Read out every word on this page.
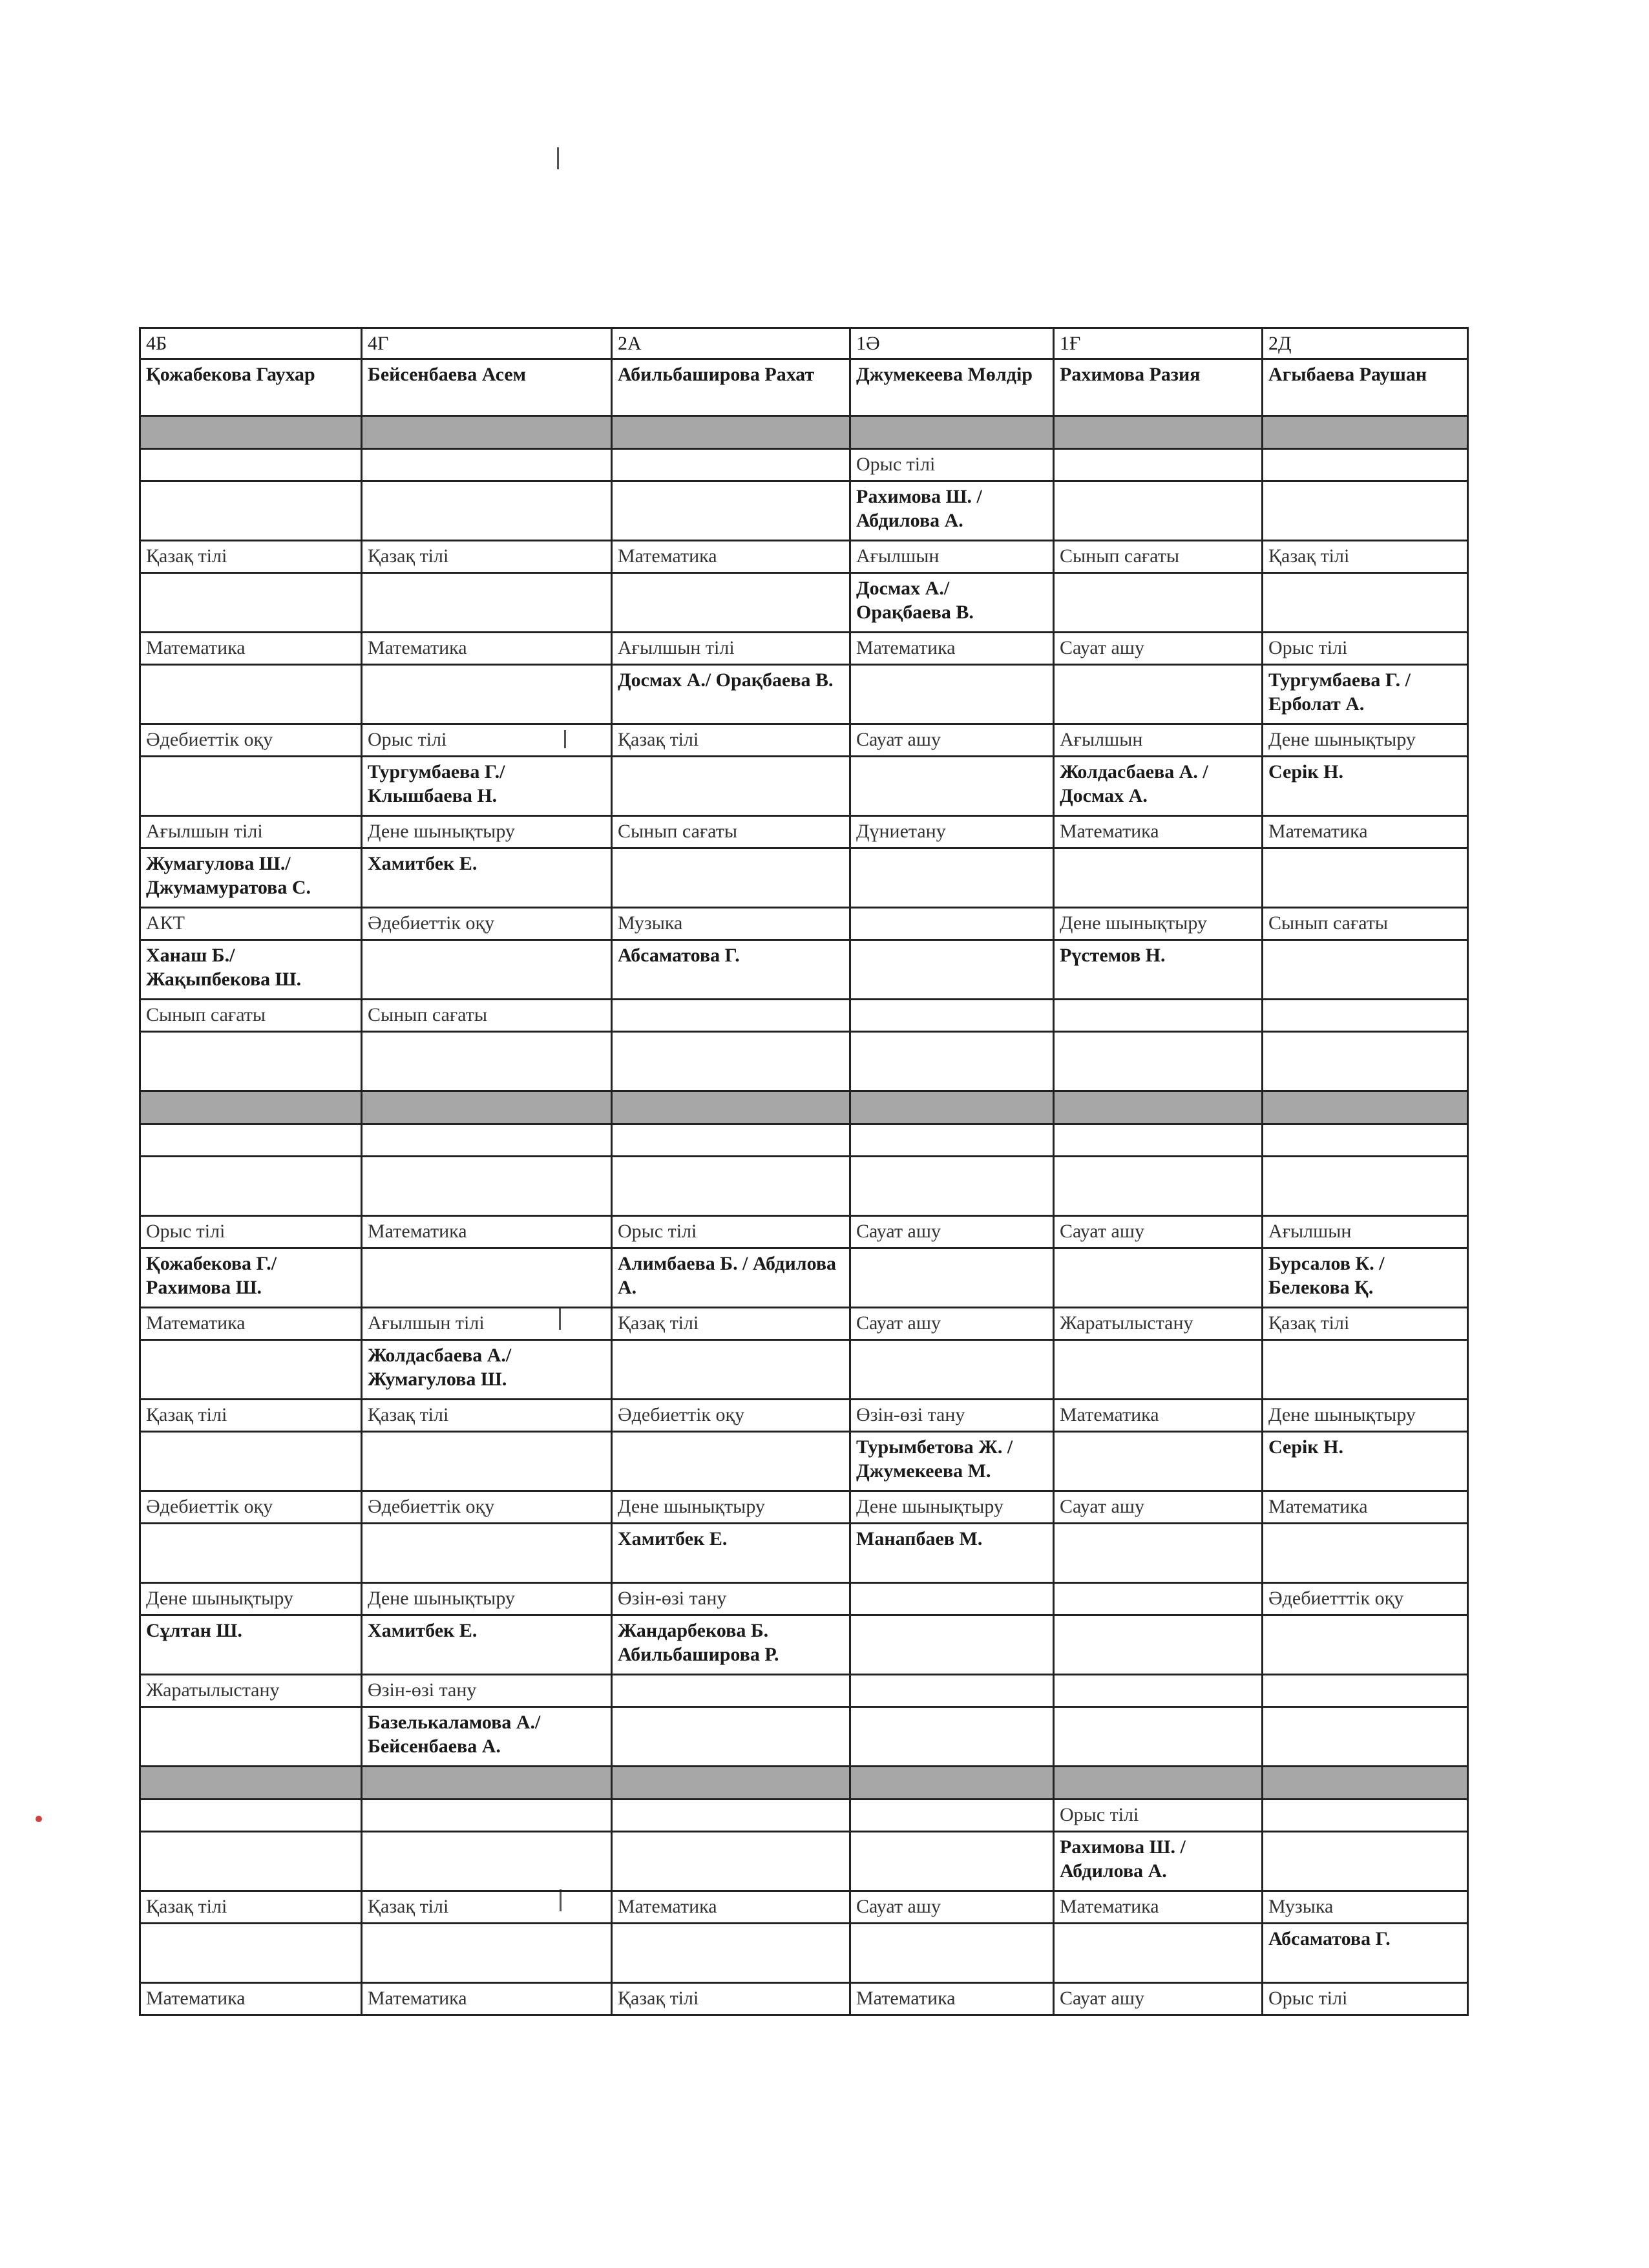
4Б	4Г	2А	1Ә	1Ғ	2Д
Қожабекова Гаухар	Бейсенбаева Асем	Абильбаширова Рахат	Джумекеева Мөлдір	Рахимова Разия	Агыбаева Раушан

			Орыс тілі		
			Рахимова Ш. / Абдилова А.		
Қазақ тілі	Қазақ тілі	Математика	Ағылшын	Сынып сағаты	Қазақ тілі
			Досмах А./ Орақбаева В.		
Математика	Математика	Ағылшын тілі	Математика	Сауат ашу	Орыс тілі
		Досмах А./ Орақбаева В.			Тургумбаева Г. / Ерболат А.
Әдебиеттік оқу	Орыс тілі	Қазақ тілі	Сауат ашу	Ағылшын	Дене шынықтыру
	Тургумбаева Г./ Клышбаева Н.			Жолдасбаева А. / Досмах А.	Серік Н.
Ағылшын тілі	Дене шынықтыру	Сынып сағаты	Дүниетану	Математика	Математика
Жумагулова Ш./ Джумамуратова С.	Хамитбек Е.				
АКТ	Әдебиеттік оқу	Музыка		Дене шынықтыру	Сынып сағаты
Ханаш Б./ Жақыпбекова Ш.		Абсаматова Г.		Рүстемов Н.	
Сынып сағаты	Сынып сағаты				

Орыс тілі	Математика	Орыс тілі	Сауат ашу	Сауат ашу	Ағылшын
Қожабекова Г./ Рахимова Ш.		Алимбаева Б. / Абдилова А.			Бурсалов К. / Белекова Қ.
Математика	Ағылшын тілі	Қазақ тілі	Сауат ашу	Жаратылыстану	Қазақ тілі
	Жолдасбаева А./ Жумагулова Ш.				
Қазақ тілі	Қазақ тілі	Әдебиеттік оқу	Өзін-өзі тану	Математика	Дене шынықтыру
			Турымбетова Ж. / Джумекеева М.		Серік Н.
Әдебиеттік оқу	Әдебиеттік оқу	Дене шынықтыру	Дене шынықтыру	Сауат ашу	Математика
		Хамитбек Е.	Манапбаев М.		
Дене шынықтыру	Дене шынықтыру	Өзін-өзі тану			Әдебиетттік оқу
Сұлтан Ш.	Хамитбек Е.	Жандарбекова Б. Абильбаширова Р.			
Жаратылыстану	Өзін-өзі тану				
	Базелькаламова А./ Бейсенбаева А.				

				Орыс тілі	
				Рахимова Ш. / Абдилова А.	
Қазақ тілі	Қазақ тілі	Математика	Сауат ашу	Математика	Музыка
					Абсаматова Г.
Математика	Математика	Қазақ тілі	Математика	Сауат ашу	Орыс тілі
